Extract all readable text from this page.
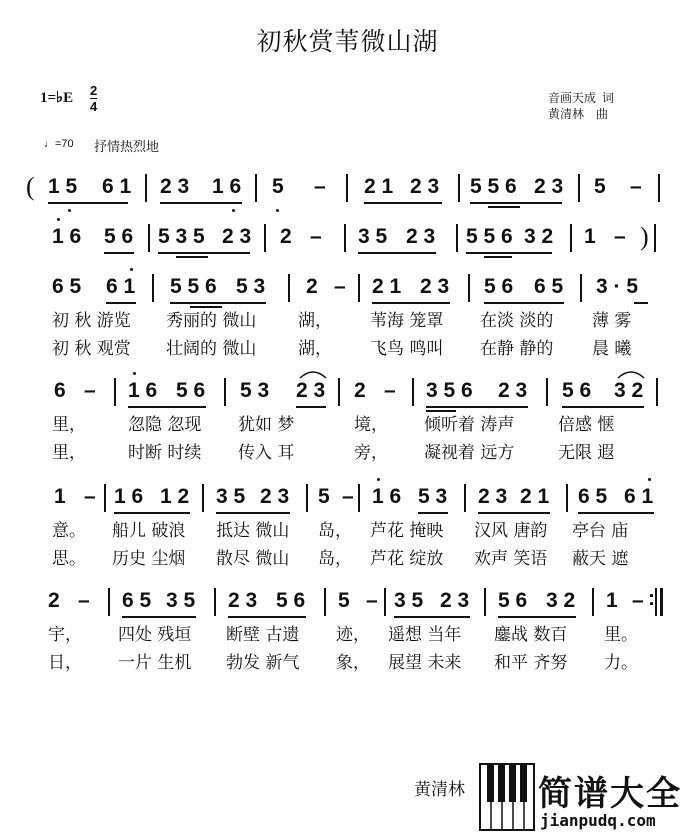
初秋赏苇微山湖
1=♭E 2
4
音画天成  词
黄清林    曲
♩=70 抒情热烈地
( 1 5 6 1 2 3 1 6 5 – 2 1 2 3 5 5 6 2 3 5 –
1 6 5 6 5 3 5 2 3 2 – 3 5 2 3 5 5 6 3 2 1 – )
6 5 6 1 5 5 6 5 3 2 – 2 1 2 3 5 6 6 5 3 · 5
初 秋 游览 秀丽的 微山 湖， 苇海 笼罩 在淡 淡的 薄 雾
初 秋 观赏 壮阔的 微山 湖， 飞鸟 鸣叫 在静 静的 晨 曦
6 – 1 6 5 6 5 3 2 3 2 – 3 5 6 2 3 5 6 3 2
里， 忽隐 忽现 犹如 梦	境， 倾听着 涛声	倍感 惬
里， 时断 时续 传入 耳	旁， 凝视着 远方	无限 遐
1 – 1 6 1 2 3 5 2 3 5 – 1 6 5 3 2 3 2 1 6 5 6 1
意。 船儿 破浪 抵达 微山 岛， 芦花 掩映 汉风 唐韵 亭台 庙
思。 历史 尘烟 散尽 微山 岛， 芦花 绽放 欢声 笑语 蔽天 遮
2 – 6 5 3 5 2 3 5 6 5 – 3 5 2 3 5 6 3 2 1 – :
宇， 四处 残垣 断壁 古遗 迹， 遥想 当年 鏖战 数百 里。
日， 一片 生机 勃发 新气 象， 展望 未来 和平 齐努 力。
黄清林 简谱大全
jianpudq.com
